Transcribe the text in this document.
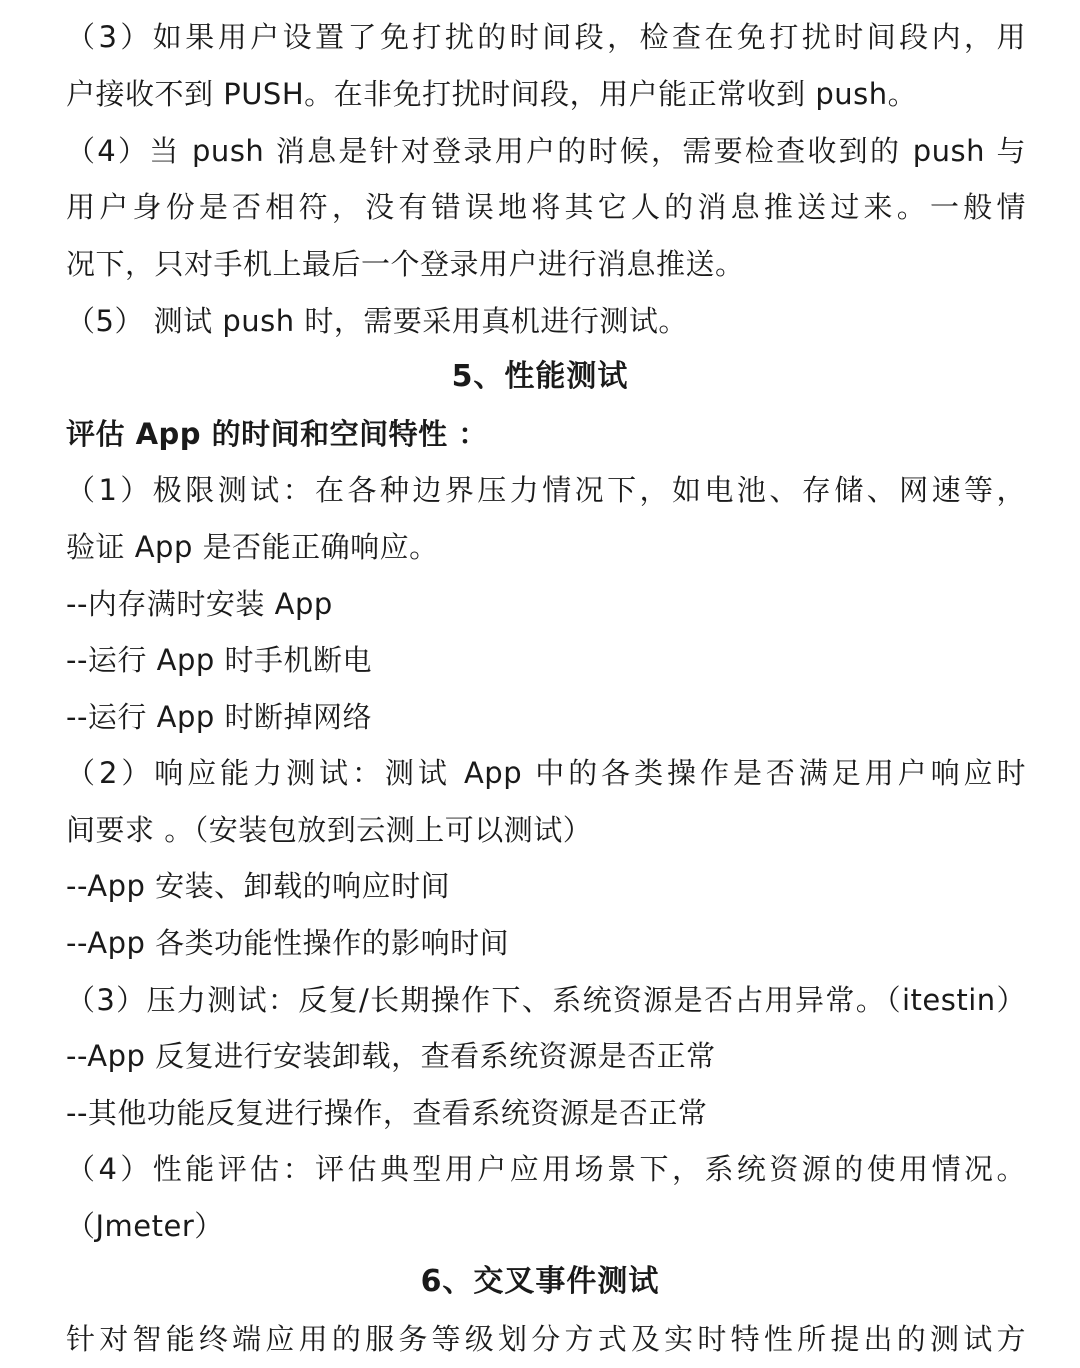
（3）如果用户设置了免打扰的时间段，检查在免打扰时间段内，用
户接收不到 PUSH。在非免打扰时间段，用户能正常收到 push。
（4）当 push 消息是针对登录用户的时候，需要检查收到的 push 与
用户身份是否相符，没有错误地将其它人的消息推送过来。一般情
况下，只对手机上最后一个登录用户进行消息推送。
（5） 测试 push 时，需要采用真机进行测试。
5、性能测试
评估 App 的时间和空间特性 ：
（1）极限测试：在各种边界压力情况下，如电池、存储、网速等，
验证 App 是否能正确响应。
--内存满时安装 App
--运行 App 时手机断电
--运行 App 时断掉网络
（2）响应能力测试：测试 App 中的各类操作是否满足用户响应时
间要求 。（安装包放到云测上可以测试）
--App 安装、卸载的响应时间
--App 各类功能性操作的影响时间
（3）压力测试：反复/长期操作下、系统资源是否占用异常。（itestin）
--App 反复进行安装卸载，查看系统资源是否正常
--其他功能反复进行操作，查看系统资源是否正常
（4）性能评估：评估典型用户应用场景下，系统资源的使用情况。
（Jmeter）
6、交叉事件测试
针对智能终端应用的服务等级划分方式及实时特性所提出的测试方
